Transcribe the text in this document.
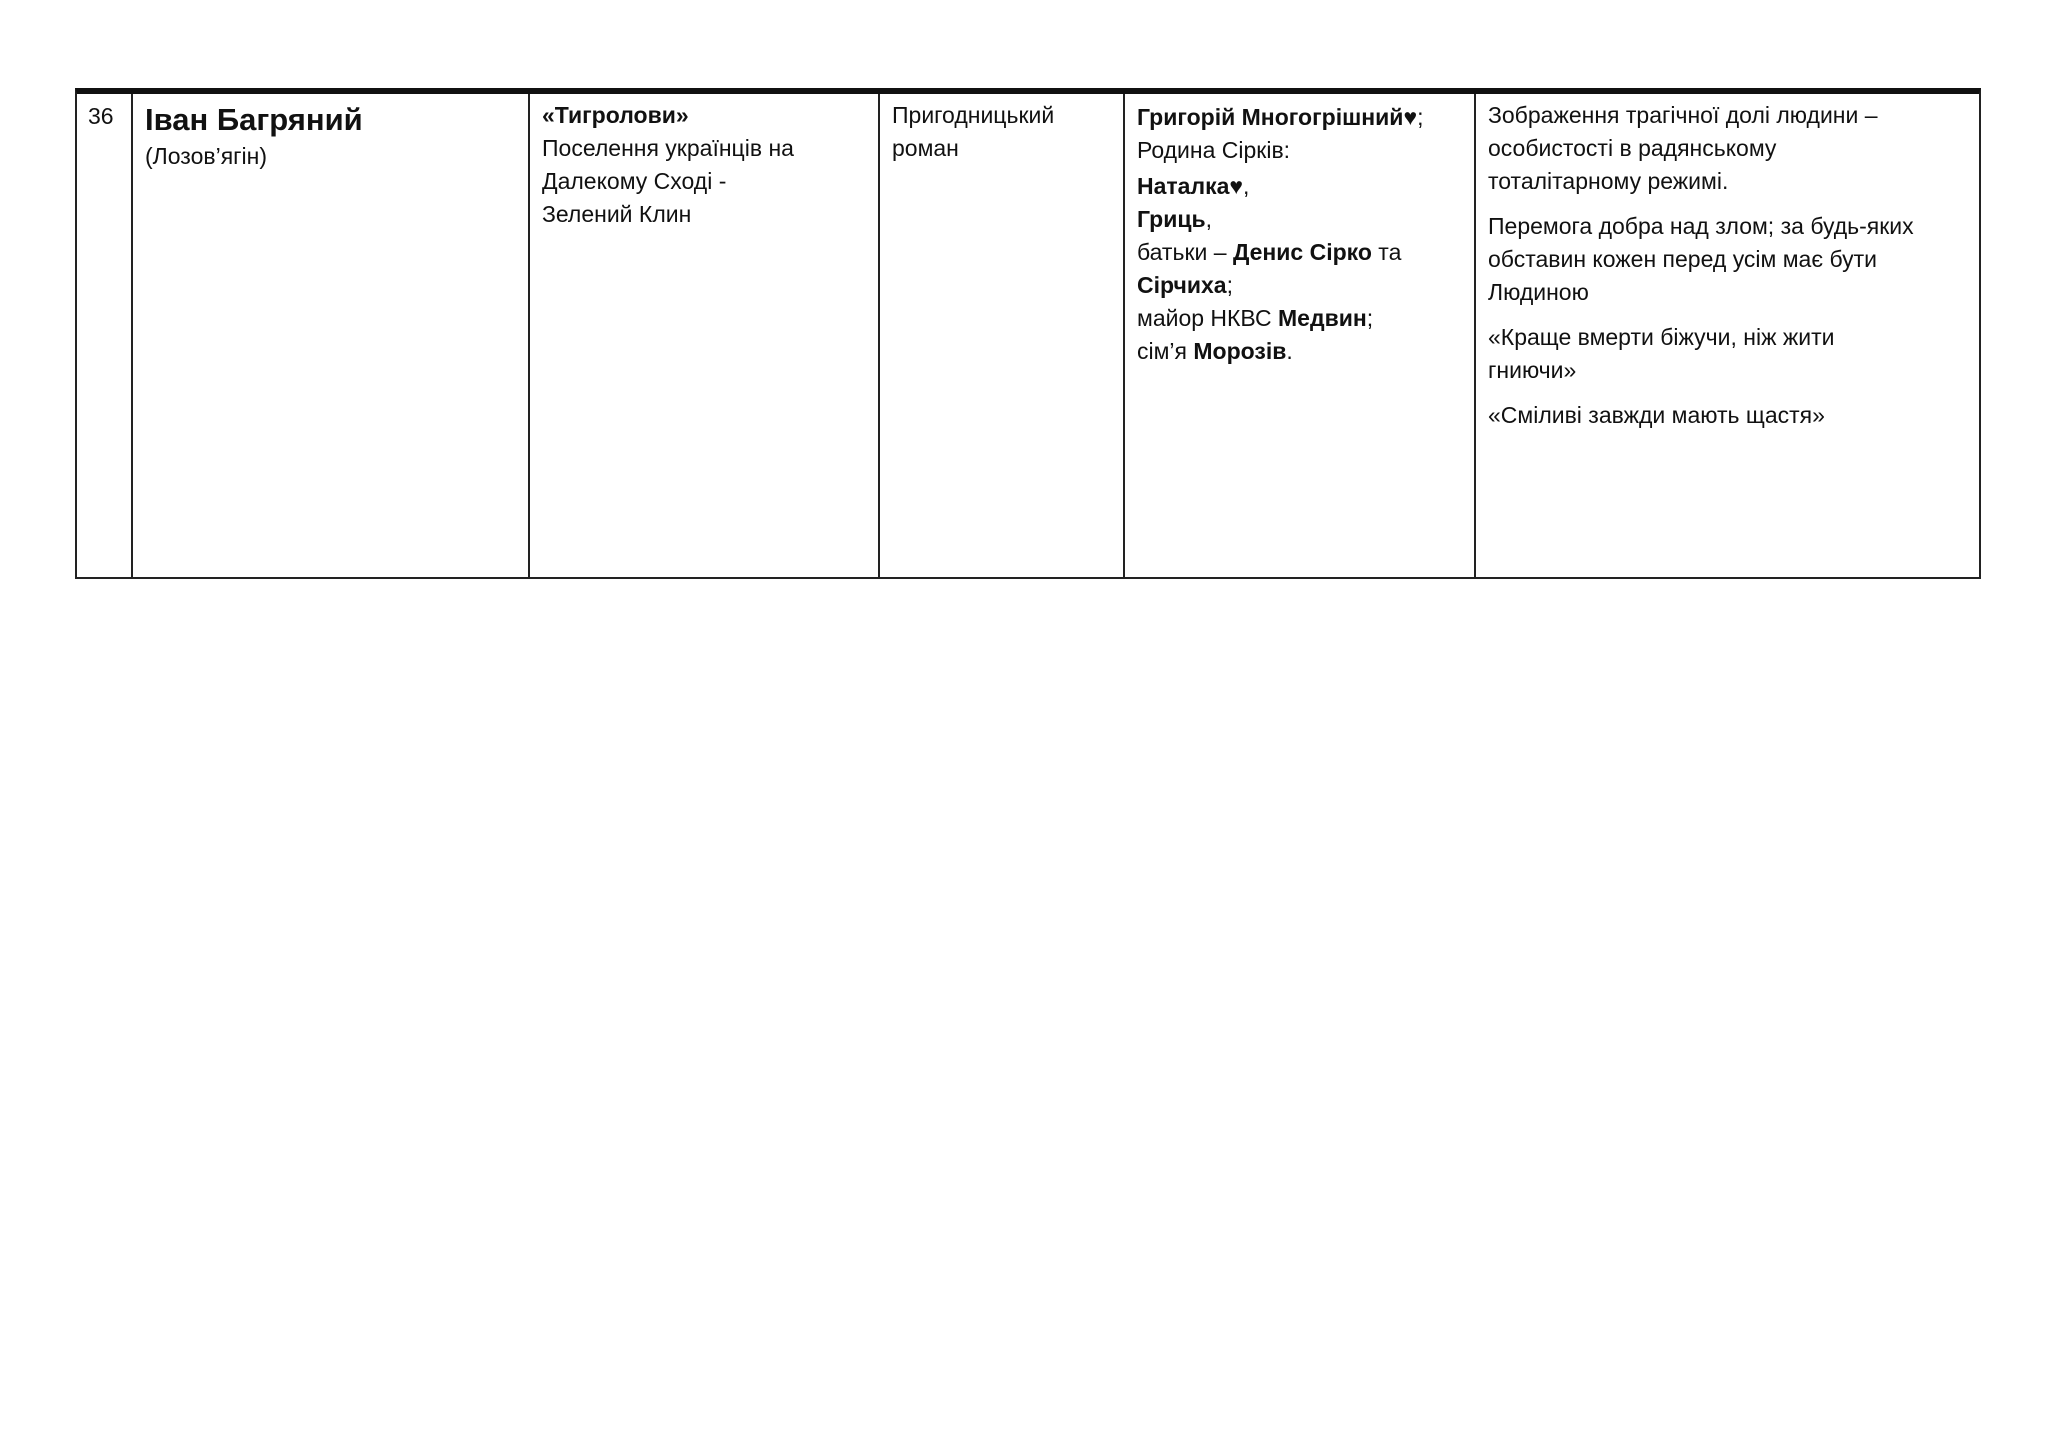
36	Іван Багряний
(Лозов’ягін)
«Тигролови»
Поселення українців на
Далекому Сході -
Зелений Клин
Пригодницький
роман
Григорій Многогрішний♥;
Родина Сірків:
Наталка♥,
Гриць,
батьки – Денис Сірко та
Сірчиха;
майор НКВС Медвин;
сім’я Морозів.
Зображення трагічної долі людини –
особистості в радянському
тоталітарному режимі.
Перемога добра над злом; за будь-яких
обставин кожен перед усім має бути
Людиною
«Краще вмерти біжучи, ніж жити
гниючи»
«Сміливі завжди мають щастя»
